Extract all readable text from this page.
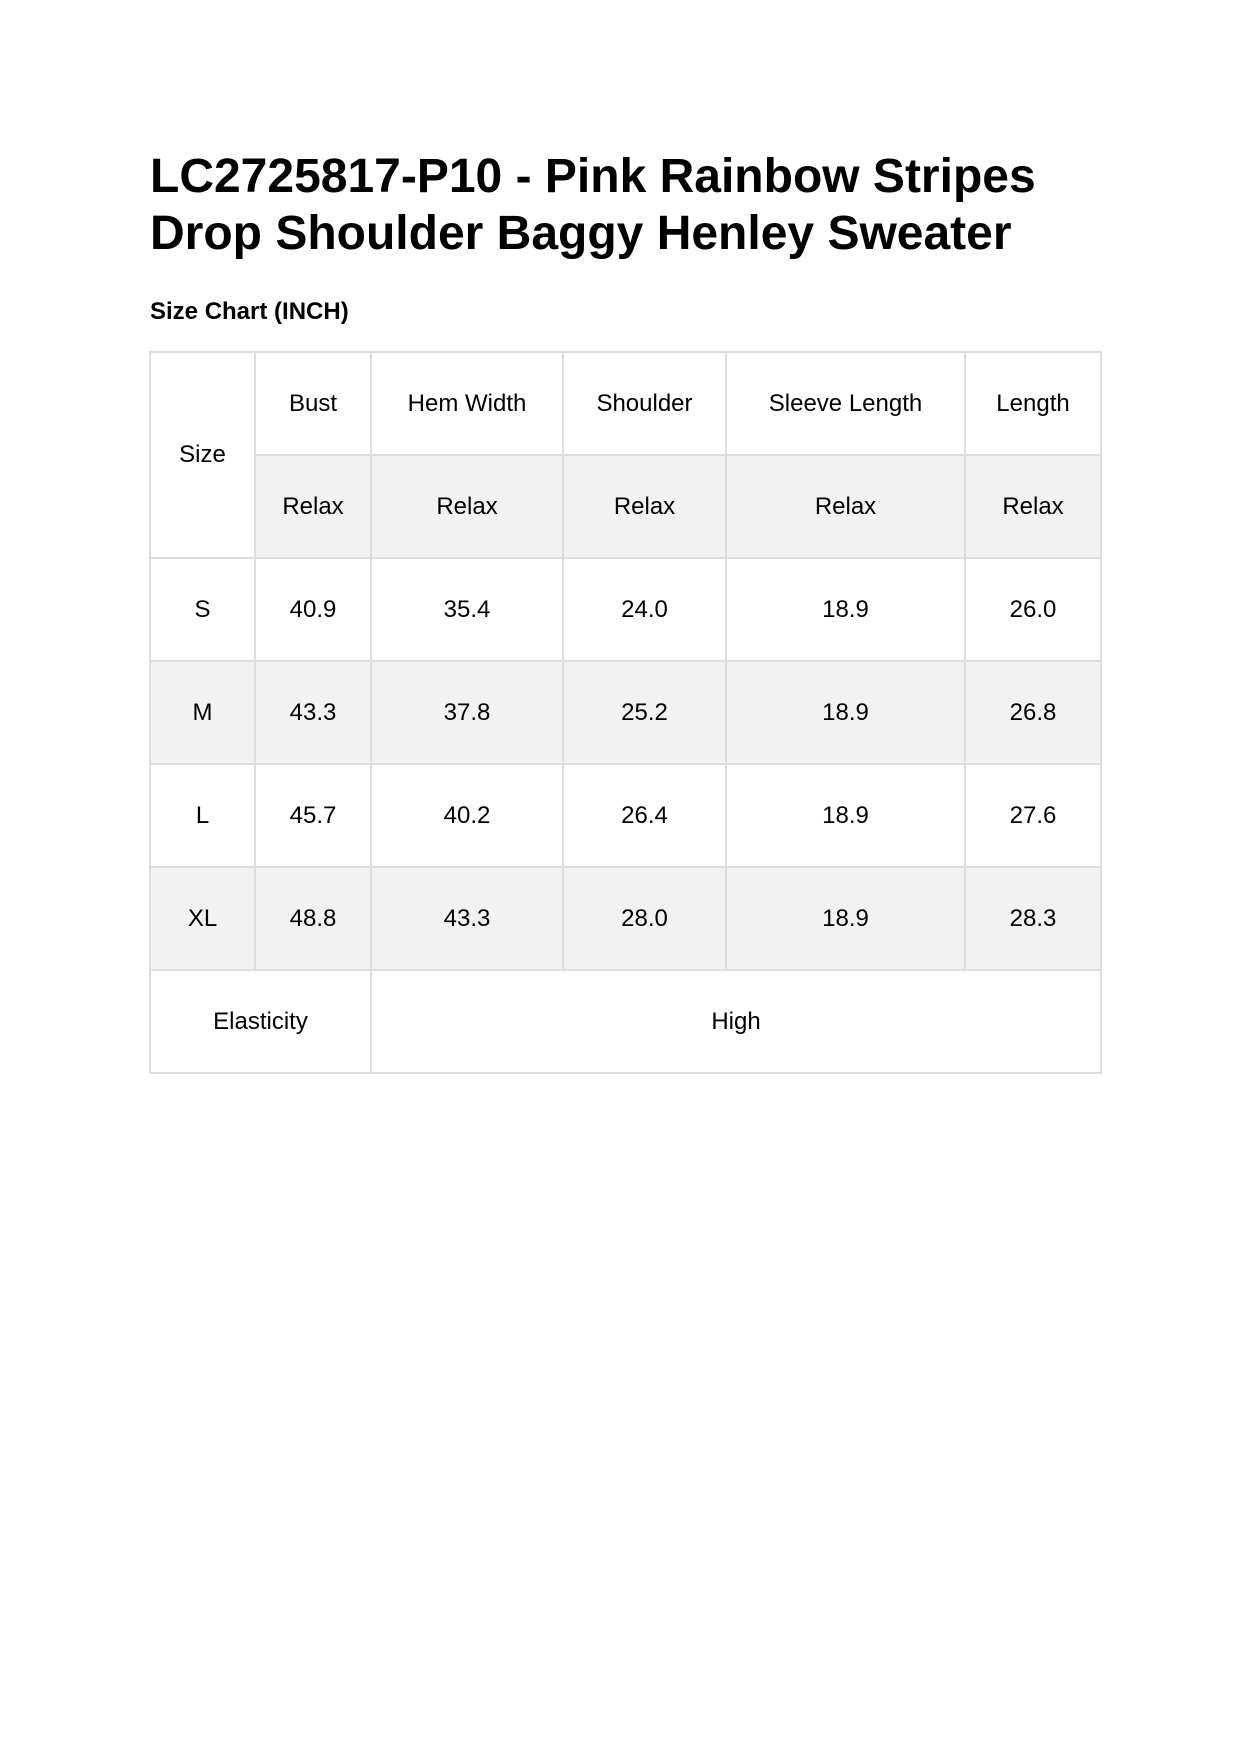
LC2725817-P10 - Pink Rainbow Stripes Drop Shoulder Baggy Henley Sweater
Size Chart (INCH)
Size	Bust	Hem Width	Shoulder	Sleeve Length	Length
	Relax	Relax	Relax	Relax	Relax
S	40.9	35.4	24.0	18.9	26.0
M	43.3	37.8	25.2	18.9	26.8
L	45.7	40.2	26.4	18.9	27.6
XL	48.8	43.3	28.0	18.9	28.3
Elasticity		High			
